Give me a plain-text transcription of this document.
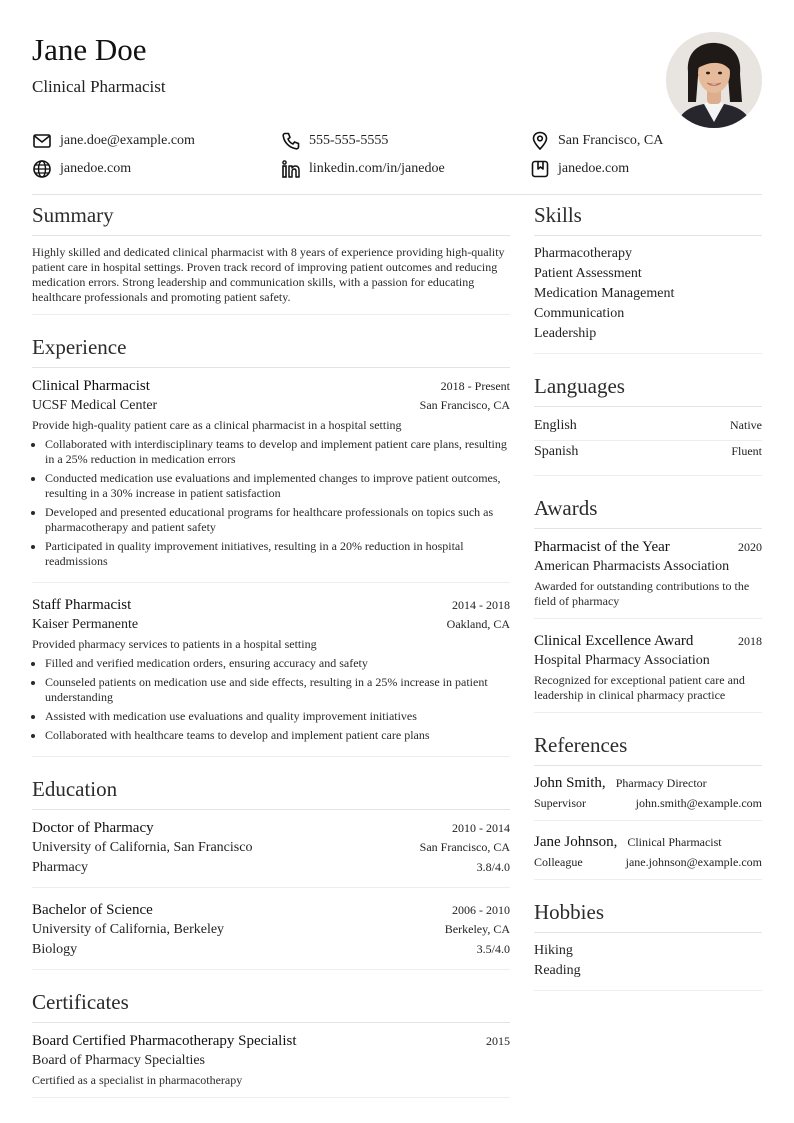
Jane Doe
Clinical Pharmacist
jane.doe@example.com	555-555-5555	San Francisco, CA
janedoe.com	linkedin.com/in/janedoe	janedoe.com
Summary

Highly skilled and dedicated clinical pharmacist with 8 years of experience providing high-quality patient care in hospital settings. Proven track record of improving patient outcomes and reducing medication errors. Strong leadership and communication skills, with a passion for educating healthcare professionals and promoting patient safety.

Experience
Clinical Pharmacist	2018 - Present
UCSF Medical Center	San Francisco, CA
Provide high-quality patient care as a clinical pharmacist in a hospital setting
• Collaborated with interdisciplinary teams to develop and implement patient care plans, resulting in a 25% reduction in medication errors
• Conducted medication use evaluations and implemented changes to improve patient outcomes, resulting in a 30% increase in patient satisfaction
• Developed and presented educational programs for healthcare professionals on topics such as pharmacotherapy and patient safety
• Participated in quality improvement initiatives, resulting in a 20% reduction in hospital readmissions
Staff Pharmacist	2014 - 2018
Kaiser Permanente	Oakland, CA
Provided pharmacy services to patients in a hospital setting
• Filled and verified medication orders, ensuring accuracy and safety
• Counseled patients on medication use and side effects, resulting in a 25% increase in patient understanding
• Assisted with medication use evaluations and quality improvement initiatives
• Collaborated with healthcare teams to develop and implement patient care plans
Education
Doctor of Pharmacy	2010 - 2014
University of California, San Francisco	San Francisco, CA
Pharmacy	3.8/4.0
Bachelor of Science	2006 - 2010
University of California, Berkeley	Berkeley, CA
Biology	3.5/4.0
Certificates
Board Certified Pharmacotherapy Specialist	2015
Board of Pharmacy Specialties
Certified as a specialist in pharmacotherapy
Skills
Pharmacotherapy
Patient Assessment
Medication Management
Communication
Leadership
Languages
English	Native
Spanish	Fluent
Awards
Pharmacist of the Year	2020
American Pharmacists Association
Awarded for outstanding contributions to the field of pharmacy
Clinical Excellence Award	2018
Hospital Pharmacy Association
Recognized for exceptional patient care and leadership in clinical pharmacy practice
References
John Smith, Pharmacy Director
Supervisor	john.smith@example.com
Jane Johnson, Clinical Pharmacist
Colleague	jane.johnson@example.com
Hobbies
Hiking
Reading
